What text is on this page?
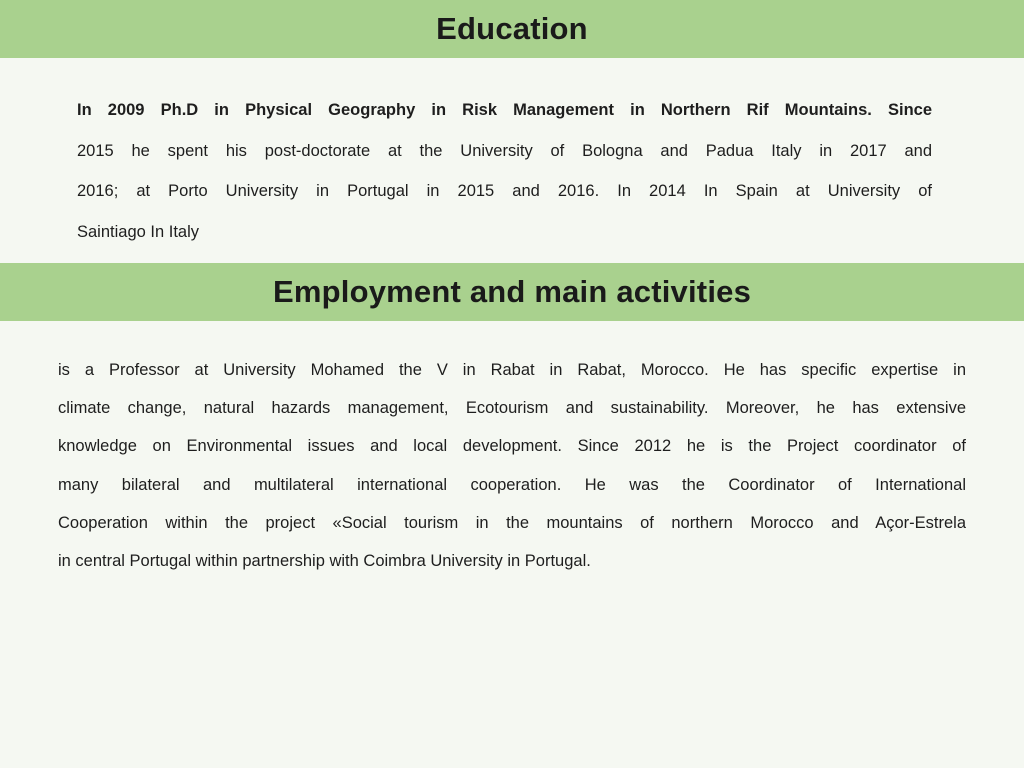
Education
In 2009 Ph.D in Physical Geography in Risk Management in Northern Rif Mountains. Since
2015 he spent his post-doctorate at the University of Bologna and Padua Italy in 2017 and
2016; at Porto University in Portugal in 2015 and 2016. In 2014 In Spain at University of
Saintiago In Italy
Employment and main activities
is a Professor at University Mohamed the V in Rabat in Rabat, Morocco. He has specific expertise in
climate change, natural hazards management, Ecotourism and sustainability. Moreover, he has extensive
knowledge on Environmental issues and local development. Since 2012 he is the Project coordinator of
many bilateral and multilateral international cooperation. He was the Coordinator of International
Cooperation within the project «Social tourism in the mountains of northern Morocco and Açor-Estrela
in central Portugal within partnership with Coimbra University in Portugal.
